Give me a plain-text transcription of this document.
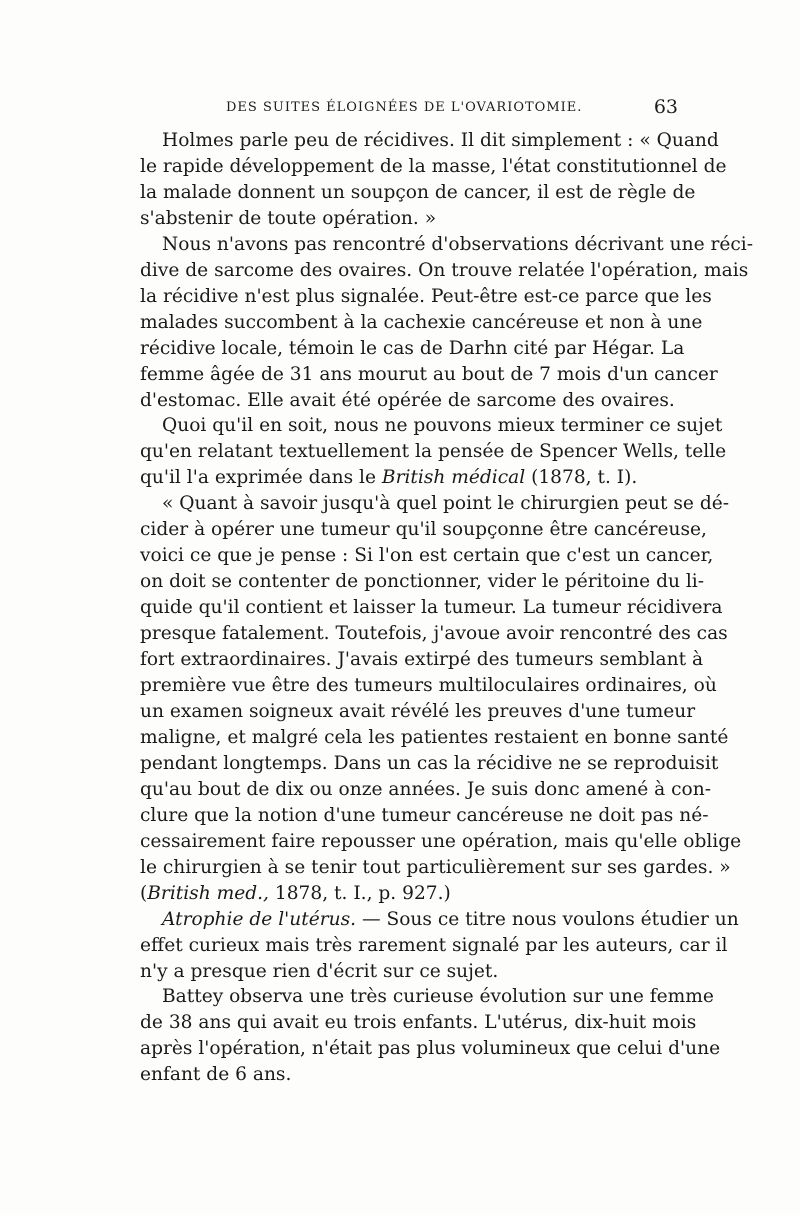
DES SUITES ÉLOIGNÉES DE L'OVARIOTOMIE.	63
Holmes parle peu de récidives. Il dit simplement : « Quand
le rapide développement de la masse, l'état constitutionnel de
la malade donnent un soupçon de cancer, il est de règle de
s'abstenir de toute opération. »
Nous n'avons pas rencontré d'observations décrivant une réci-
dive de sarcome des ovaires. On trouve relatée l'opération, mais
la récidive n'est plus signalée. Peut-être est-ce parce que les
malades succombent à la cachexie cancéreuse et non à une
récidive locale, témoin le cas de Darhn cité par Hégar. La
femme âgée de 31 ans mourut au bout de 7 mois d'un cancer
d'estomac. Elle avait été opérée de sarcome des ovaires.
Quoi qu'il en soit, nous ne pouvons mieux terminer ce sujet
qu'en relatant textuellement la pensée de Spencer Wells, telle
qu'il l'a exprimée dans le British médical (1878, t. I).
« Quant à savoir jusqu'à quel point le chirurgien peut se dé-
cider à opérer une tumeur qu'il soupçonne être cancéreuse,
voici ce que je pense : Si l'on est certain que c'est un cancer,
on doit se contenter de ponctionner, vider le péritoine du li-
quide qu'il contient et laisser la tumeur. La tumeur récidivera
presque fatalement. Toutefois, j'avoue avoir rencontré des cas
fort extraordinaires. J'avais extirpé des tumeurs semblant à
première vue être des tumeurs multiloculaires ordinaires, où
un examen soigneux avait révélé les preuves d'une tumeur
maligne, et malgré cela les patientes restaient en bonne santé
pendant longtemps. Dans un cas la récidive ne se reproduisit
qu'au bout de dix ou onze années. Je suis donc amené à con-
clure que la notion d'une tumeur cancéreuse ne doit pas né-
cessairement faire repousser une opération, mais qu'elle oblige
le chirurgien à se tenir tout particulièrement sur ses gardes. »
(British med., 1878, t. I., p. 927.)
Atrophie de l'utérus. — Sous ce titre nous voulons étudier un
effet curieux mais très rarement signalé par les auteurs, car il
n'y a presque rien d'écrit sur ce sujet.
Battey observa une très curieuse évolution sur une femme
de 38 ans qui avait eu trois enfants. L'utérus, dix-huit mois
après l'opération, n'était pas plus volumineux que celui d'une
enfant de 6 ans.
